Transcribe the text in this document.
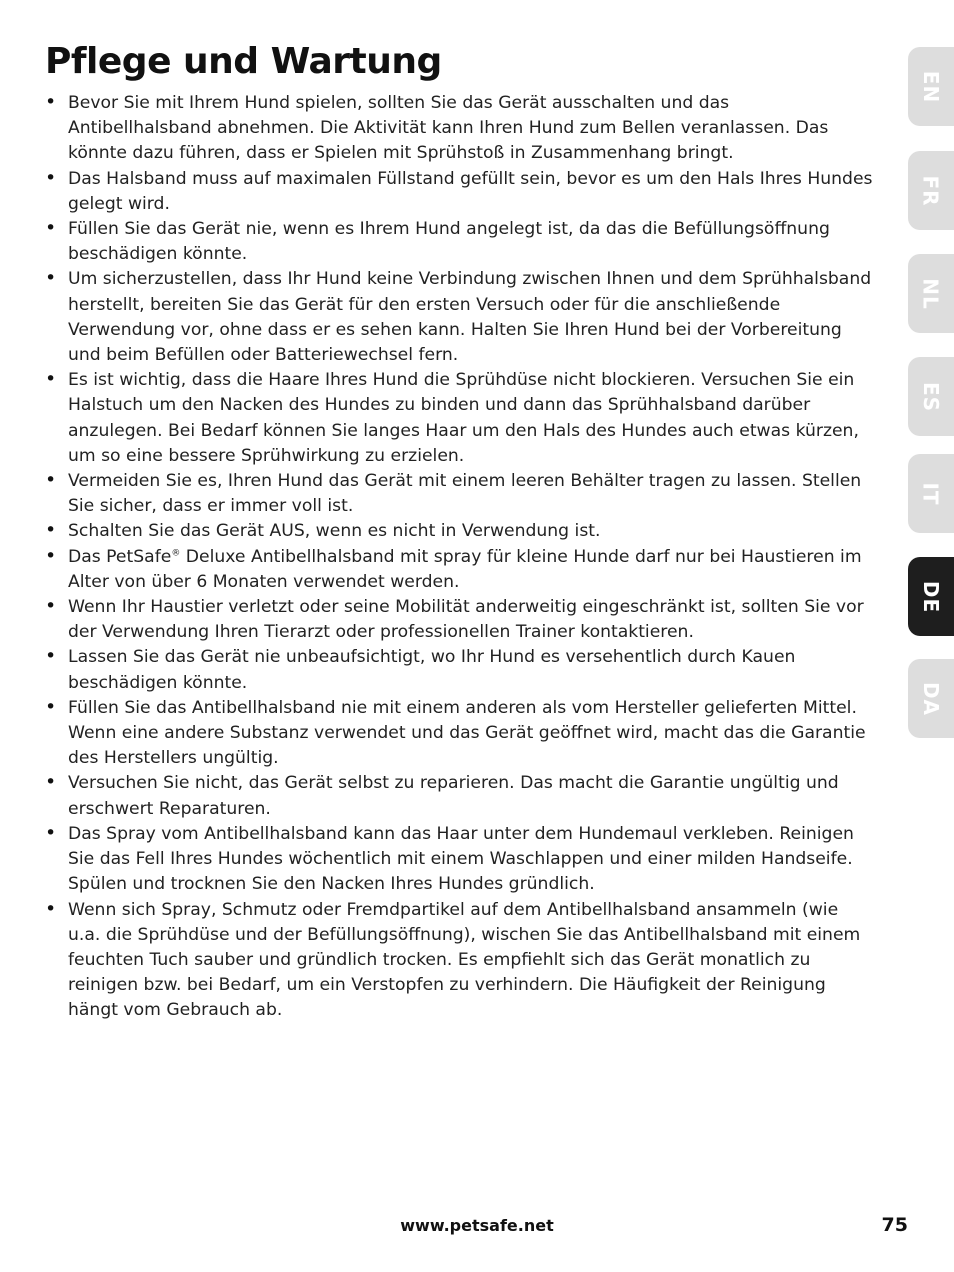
Pflege und Wartung
• Bevor Sie mit Ihrem Hund spielen, sollten Sie das Gerät ausschalten und das Antibellhalsband abnehmen. Die Aktivität kann Ihren Hund zum Bellen veranlassen. Das könnte dazu führen, dass er Spielen mit Sprühstoß in Zusammenhang bringt.
• Das Halsband muss auf maximalen Füllstand gefüllt sein, bevor es um den Hals Ihres Hundes gelegt wird.
• Füllen Sie das Gerät nie, wenn es Ihrem Hund angelegt ist, da das die Befüllungsöffnung beschädigen könnte.
• Um sicherzustellen, dass Ihr Hund keine Verbindung zwischen Ihnen und dem Sprühhalsband herstellt, bereiten Sie das Gerät für den ersten Versuch oder für die anschließende Verwendung vor, ohne dass er es sehen kann. Halten Sie Ihren Hund bei der Vorbereitung und beim Befüllen oder Batteriewechsel fern.
• Es ist wichtig, dass die Haare Ihres Hund die Sprühdüse nicht blockieren. Versuchen Sie ein Halstuch um den Nacken des Hundes zu binden und dann das Sprühhalsband darüber anzulegen. Bei Bedarf können Sie langes Haar um den Hals des Hundes auch etwas kürzen, um so eine bessere Sprühwirkung zu erzielen.
• Vermeiden Sie es, Ihren Hund das Gerät mit einem leeren Behälter tragen zu lassen. Stellen Sie sicher, dass er immer voll ist.
• Schalten Sie das Gerät AUS, wenn es nicht in Verwendung ist.
• Das PetSafe® Deluxe Antibellhalsband mit spray für kleine Hunde darf nur bei Haustieren im Alter von über 6 Monaten verwendet werden.
• Wenn Ihr Haustier verletzt oder seine Mobilität anderweitig eingeschränkt ist, sollten Sie vor der Verwendung Ihren Tierarzt oder professionellen Trainer kontaktieren.
• Lassen Sie das Gerät nie unbeaufsichtigt, wo Ihr Hund es versehentlich durch Kauen beschädigen könnte.
• Füllen Sie das Antibellhalsband nie mit einem anderen als vom Hersteller gelieferten Mittel. Wenn eine andere Substanz verwendet und das Gerät geöffnet wird, macht das die Garantie des Herstellers ungültig.
• Versuchen Sie nicht, das Gerät selbst zu reparieren. Das macht die Garantie ungültig und erschwert Reparaturen.
• Das Spray vom Antibellhalsband kann das Haar unter dem Hundemaul verkleben. Reinigen Sie das Fell Ihres Hundes wöchentlich mit einem Waschlappen und einer milden Handseife. Spülen und trocknen Sie den Nacken Ihres Hundes gründlich.
• Wenn sich Spray, Schmutz oder Fremdpartikel auf dem Antibellhalsband ansammeln (wie u.a. die Sprühdüse und der Befüllungsöffnung), wischen Sie das Antibellhalsband mit einem feuchten Tuch sauber und gründlich trocken. Es empfiehlt sich das Gerät monatlich zu reinigen bzw. bei Bedarf, um ein Verstopfen zu verhindern. Die Häufigkeit der Reinigung hängt vom Gebrauch ab.
EN
FR
NL
ES
IT
DE
DA
www.petsafe.net	75
